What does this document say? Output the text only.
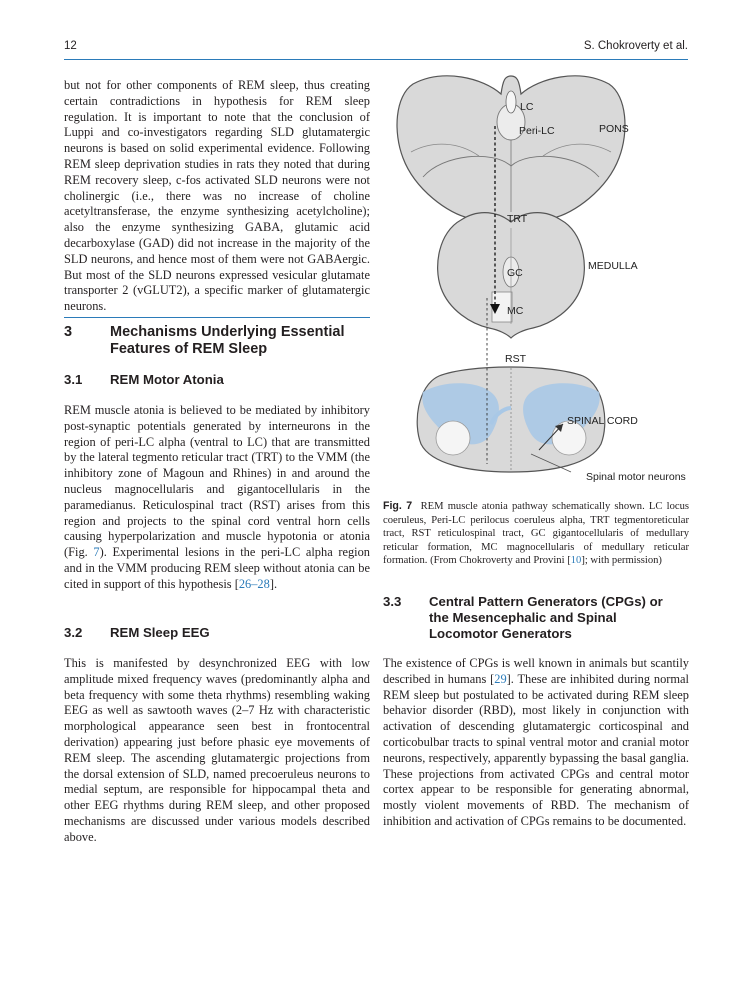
12	S. Chokroverty et al.

but not for other components of REM sleep, thus creating certain contradictions in hypothesis for REM sleep regulation. It is important to note that the conclusion of Luppi and co-investigators regarding SLD glutamatergic neurons is based on solid experimental evidence. Following REM sleep deprivation studies in rats they noted that during REM recovery sleep, c-fos activated SLD neurons were not cholinergic (i.e., there was no increase of choline acetyltransferase, the enzyme synthesizing acetylcholine); also the enzyme synthesizing GABA, glutamic acid decarboxylase (GAD) did not increase in the majority of the SLD neurons, and hence most of them were not GABAergic. But most of the SLD neurons expressed vesicular glutamate transporter 2 (vGLUT2), a specific marker of glutamatergic neurons.

3	Mechanisms Underlying Essential
Features of REM Sleep
3.1 REM Motor Atonia

REM muscle atonia is believed to be mediated by inhibitory post-synaptic potentials generated by interneurons in the region of peri-LC alpha (ventral to LC) that are transmitted by the lateral tegmento reticular tract (TRT) to the VMM (the inhibitory zone of Magoun and Rhines) in and around the nucleus magnocellularis and gigantocellularis in the paramedianus. Reticulospinal tract (RST) arises from this region and projects to the spinal cord ventral horn cells causing hyperpolarization and muscle hypotonia or atonia (Fig. 7). Experimental lesions in the peri-LC alpha region and in the VMM producing REM sleep without atonia can be cited in support of this hypothesis [26–28].

3.2 REM Sleep EEG

This is manifested by desynchronized EEG with low amplitude mixed frequency waves (predominantly alpha and beta frequency with some theta rhythms) resembling waking EEG as well as sawtooth waves (2–7 Hz with characteristic morphological appearance seen best in frontocentral derivation) appearing just before phasic eye movements of REM sleep. The ascending glutamatergic projections from the dorsal extension of SLD, named precoeruleus neurons to medial septum, are responsible for hippocampal theta and other EEG rhythms during REM sleep, and other proposed mechanisms are discussed under various models described above.

LC
Peri-LC	PONS
TRT
MEDULLA
GC
MC
RST
SPINAL CORD
Spinal motor neurons
Fig. 7 REM muscle atonia pathway schematically shown. LC locus coeruleus, Peri-LC perilocus coeruleus alpha, TRT tegmentoreticular tract, RST reticulospinal tract, GC gigantocellularis of medullary reticular formation, MC magnocellularis of medullary reticular formation. (From Chokroverty and Provini [10]; with permission)
3.3 Central Pattern Generators (CPGs) or
the Mesencephalic and Spinal
Locomotor Generators

The existence of CPGs is well known in animals but scantily described in humans [29]. These are inhibited during normal REM sleep but postulated to be activated during REM sleep behavior disorder (RBD), most likely in conjunction with activation of descending glutamatergic corticospinal and corticobulbar tracts to spinal ventral motor and cranial motor neurons, respectively, apparently bypassing the basal ganglia. These projections from activated CPGs and central motor cortex appear to be responsible for generating abnormal, mostly violent movements of RBD. The mechanism of inhibition and activation of CPGs remains to be documented.
